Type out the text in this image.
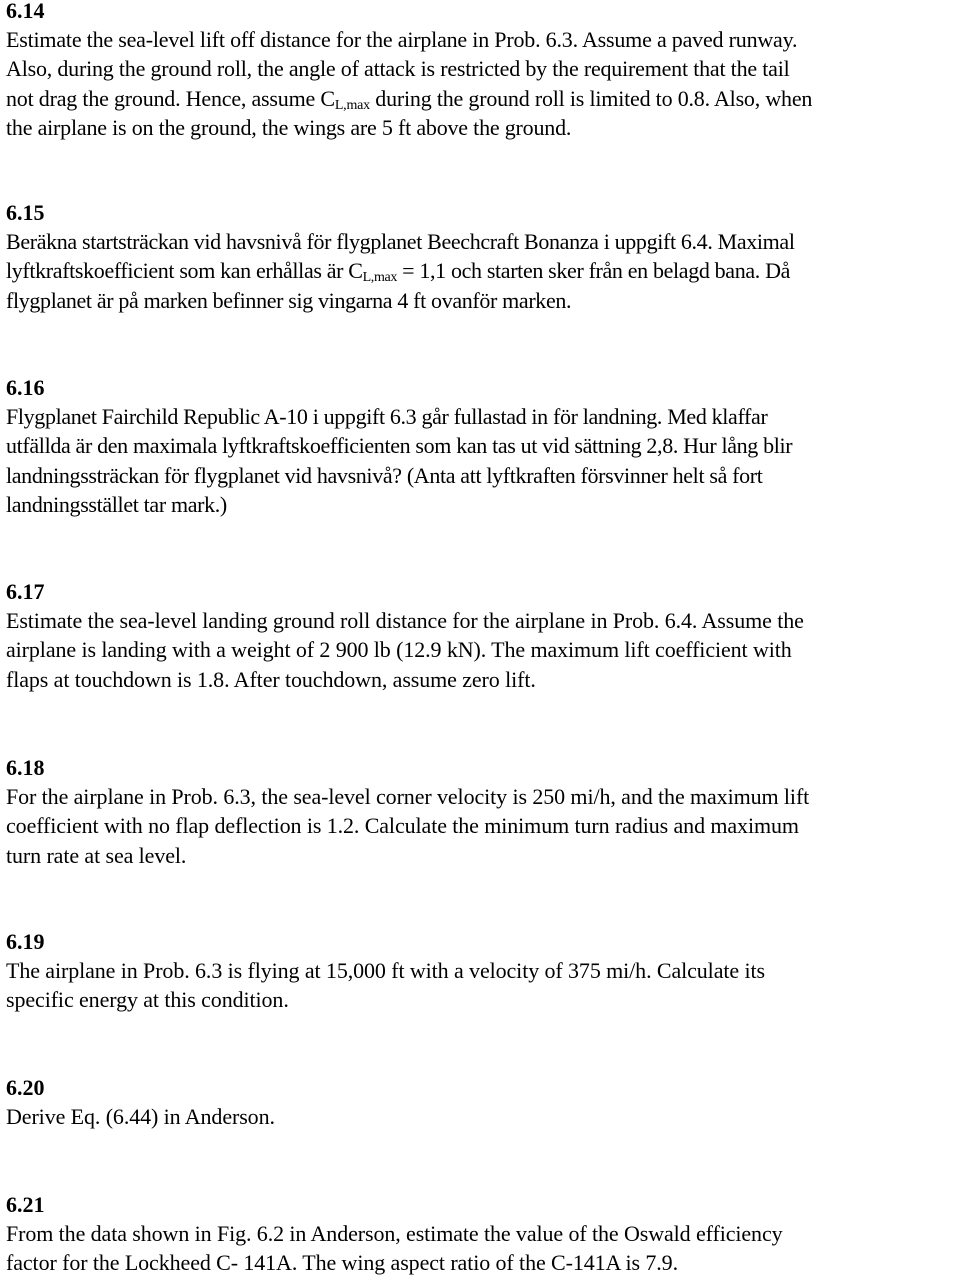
6.14
Estimate the sea-level lift off distance for the airplane in Prob. 6.3. Assume a paved runway.
Also, during the ground roll, the angle of attack is restricted by the requirement that the tail
not drag the ground. Hence, assume $C_{L,max}$ during the ground roll is limited to 0.8. Also, when
the airplane is on the ground, the wings are 5 ft above the ground.
6.15
Beräkna startsträckan vid havsnivå för flygplanet Beechcraft Bonanza i uppgift 6.4. Maximal
lyftkraftskoefficient som kan erhållas är $C_{L,max} = 1,1$ och starten sker från en belagd bana. Då
flygplanet är på marken befinner sig vingarna 4 ft ovanför marken.
6.16
Flygplanet Fairchild Republic A-10 i uppgift 6.3 går fullastad in för landning. Med klaffar
utfällda är den maximala lyftkraftskoefficienten som kan tas ut vid sättning 2,8. Hur lång blir
landningssträckan för flygplanet vid havsnivå? (Anta att lyftkraften försvinner helt så fort
landningsstället tar mark.)
6.17
Estimate the sea-level landing ground roll distance for the airplane in Prob. 6.4. Assume the
airplane is landing with a weight of 2 900 lb (12.9 kN). The maximum lift coefficient with
flaps at touchdown is 1.8. After touchdown, assume zero lift.
6.18
For the airplane in Prob. 6.3, the sea-level corner velocity is 250 mi/h, and the maximum lift
coefficient with no flap deflection is 1.2. Calculate the minimum turn radius and maximum
turn rate at sea level.
6.19
The airplane in Prob. 6.3 is flying at 15,000 ft with a velocity of 375 mi/h. Calculate its
specific energy at this condition.
6.20
Derive Eq. (6.44) in Anderson.
6.21
From the data shown in Fig. 6.2 in Anderson, estimate the value of the Oswald efficiency
factor for the Lockheed C- 141A. The wing aspect ratio of the C-141A is 7.9.
